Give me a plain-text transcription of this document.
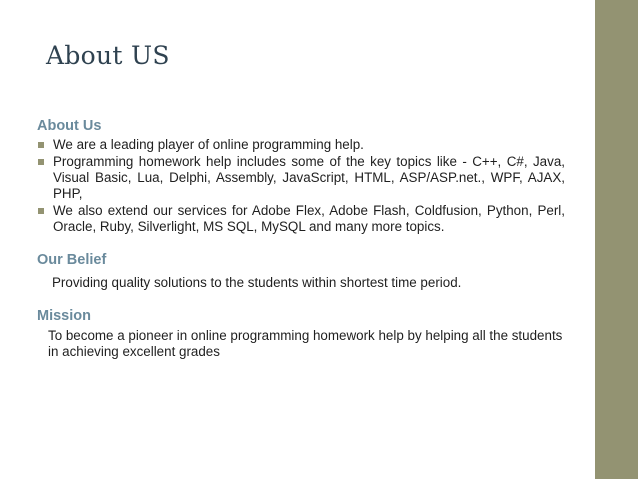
About US
About Us
We are a leading player of online programming help.
Programming homework help includes some of the key topics like - C++, C#, Java, Visual Basic, Lua, Delphi, Assembly, JavaScript, HTML, ASP/ASP.net., WPF, AJAX, PHP,
We also extend our services for Adobe Flex, Adobe Flash, Coldfusion, Python, Perl, Oracle, Ruby, Silverlight, MS SQL, MySQL and many more topics.
Our Belief

Providing quality solutions to the students within shortest time period.

Mission

To become a pioneer in online programming homework help by helping all the students in achieving excellent grades
